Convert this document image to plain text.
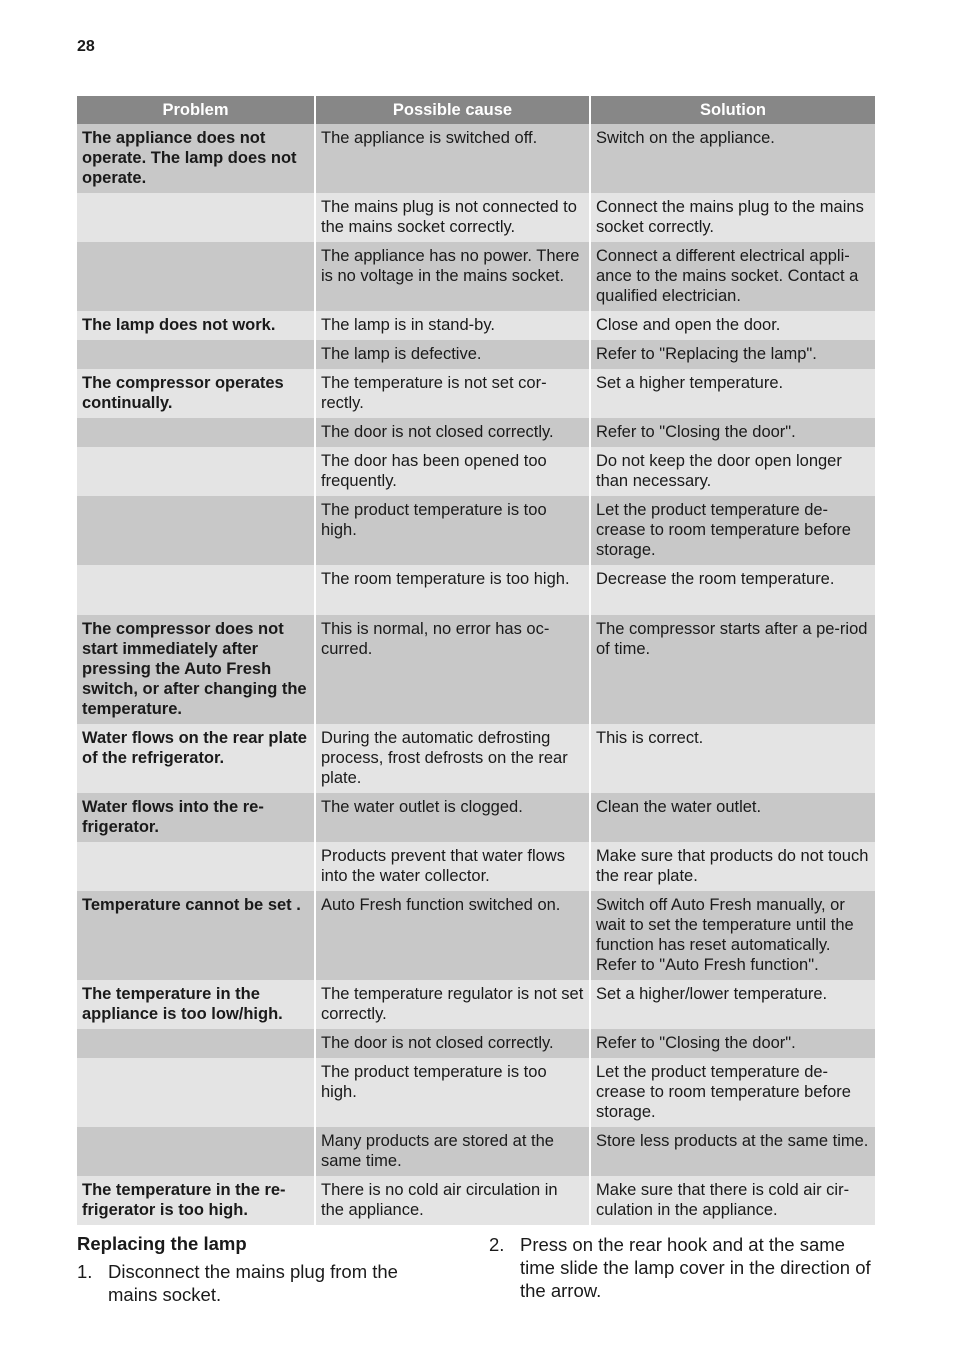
28
Problem	Possible cause	Solution
The appliance does not operate. The lamp does not operate.	The appliance is switched off.	Switch on the appliance.
	The mains plug is not connected to the mains socket correctly.	Connect the mains plug to the mains socket correctly.
	The appliance has no power. There is no voltage in the mains socket.	Connect a different electrical appli-ance to the mains socket. Contact a qualified electrician.
The lamp does not work.	The lamp is in stand-by.	Close and open the door.
	The lamp is defective.	Refer to "Replacing the lamp".
The compressor operates continually.	The temperature is not set cor-rectly.	Set a higher temperature.
	The door is not closed correctly.	Refer to "Closing the door".
	The door has been opened too frequently.	Do not keep the door open longer than necessary.
	The product temperature is too high.	Let the product temperature de-crease to room temperature before storage.
	The room temperature is too high.	Decrease the room temperature.
The compressor does not start immediately after pressing the Auto Fresh switch, or after changing the temperature.	This is normal, no error has oc-curred.	The compressor starts after a pe-riod of time.
Water flows on the rear plate of the refrigerator.	During the automatic defrosting process, frost defrosts on the rear plate.	This is correct.
Water flows into the re-frigerator.	The water outlet is clogged.	Clean the water outlet.
	Products prevent that water flows into the water collector.	Make sure that products do not touch the rear plate.
Temperature cannot be set .	Auto Fresh function switched on.	Switch off Auto Fresh manually, or wait to set the temperature until the function has reset automatically. Refer to "Auto Fresh function".
The temperature in the appliance is too low/high.	The temperature regulator is not set correctly.	Set a higher/lower temperature.
	The door is not closed correctly.	Refer to "Closing the door".
	The product temperature is too high.	Let the product temperature de-crease to room temperature before storage.
	Many products are stored at the same time.	Store less products at the same time.
The temperature in the re-frigerator is too high.	There is no cold air circulation in the appliance.	Make sure that there is cold air cir-culation in the appliance.
Replacing the lamp
1. Disconnect the mains plug from the mains socket.
2. Press on the rear hook and at the same time slide the lamp cover in the direction of the arrow.
